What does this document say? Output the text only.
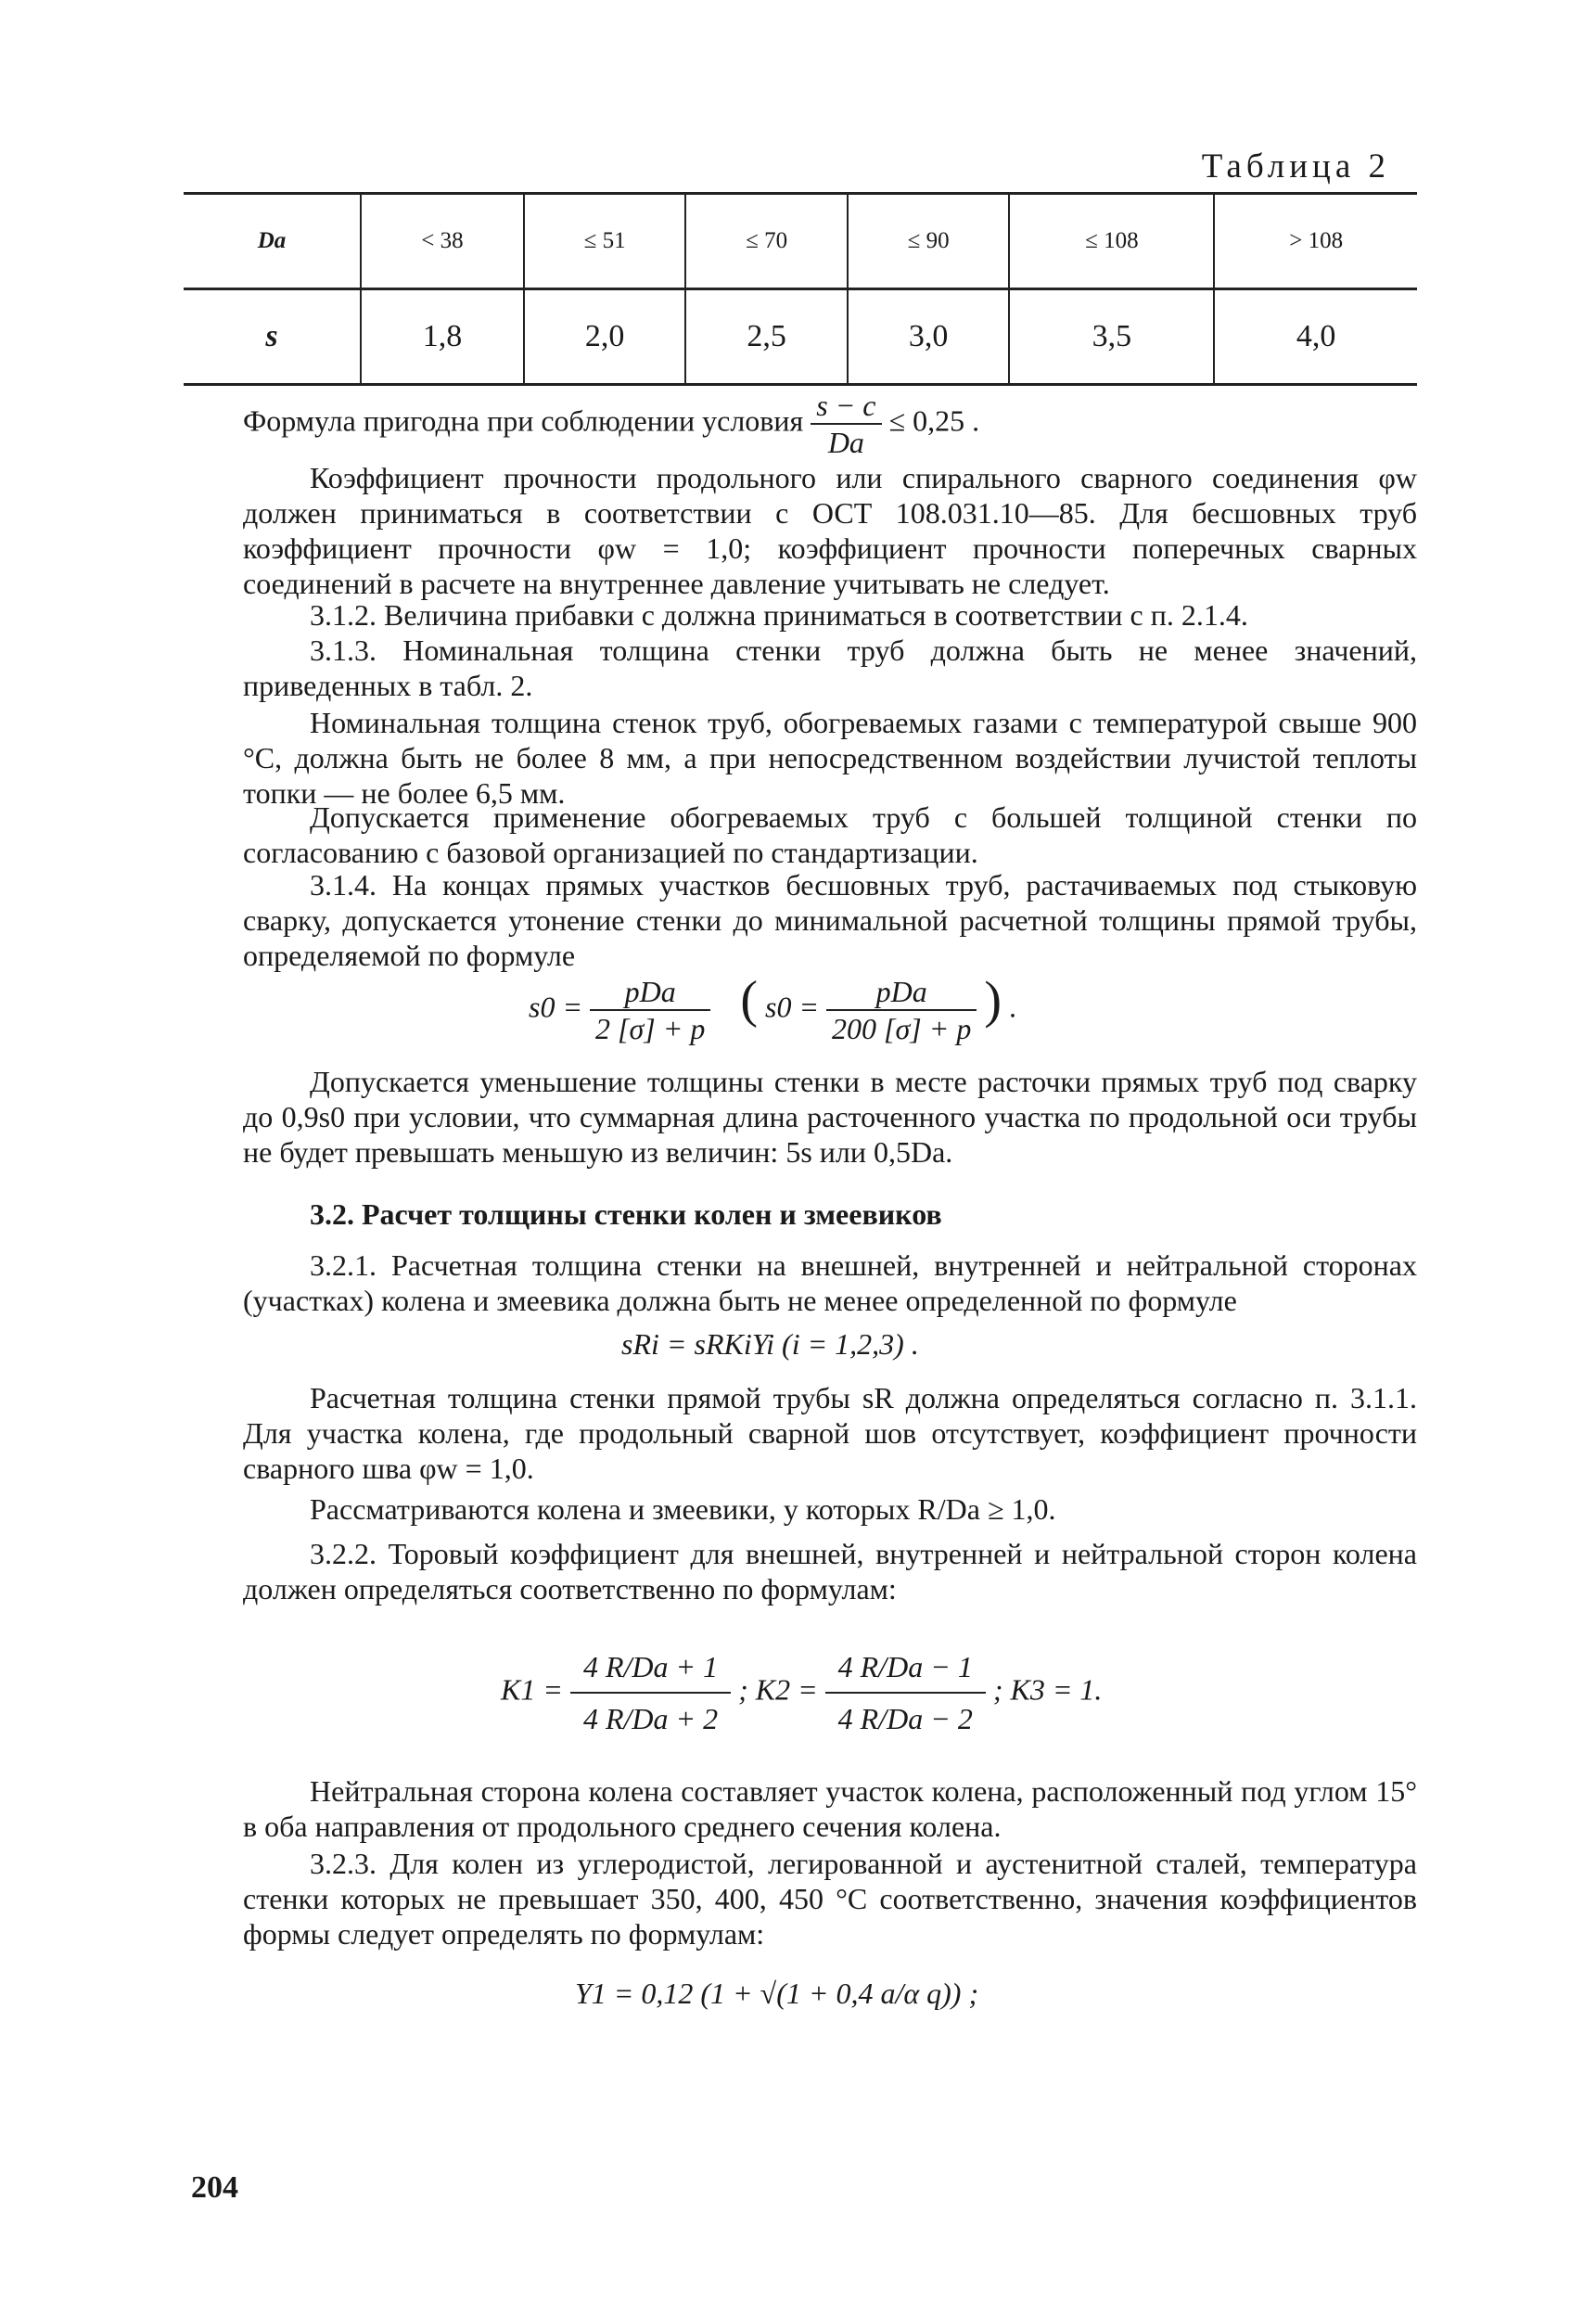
Таблица 2
Da	< 38	≤ 51	≤ 70	≤ 90	≤ 108	> 108
s	1,8	2,0	2,5	3,0	3,5	4,0
Формула пригодна при соблюдении условия $\frac{s - c}{Da} \le 0,25$ .

Коэффициент прочности продольного или спирального сварного соединения φw должен приниматься в соответствии с ОСТ 108.031.10—85. Для бесшовных труб коэффициент прочности φw = 1,0; коэффициент прочности поперечных сварных соединений в расчете на внутреннее давление учитывать не следует.

3.1.2. Величина прибавки c должна приниматься в соответствии с п. 2.1.4.

3.1.3. Номинальная толщина стенки труб должна быть не менее значений, приведенных в табл. 2.

Номинальная толщина стенок труб, обогреваемых газами с температурой свыше 900 °С, должна быть не более 8 мм, а при непосредственном воздействии лучистой теплоты топки — не более 6,5 мм.

Допускается применение обогреваемых труб с большей толщиной стенки по согласованию с базовой организацией по стандартизации.

3.1.4. На концах прямых участков бесшовных труб, растачиваемых под стыковую сварку, допускается утонение стенки до минимальной расчетной толщины прямой трубы, определяемой по формуле

$s0 = \frac{\text{pDa}}{2 [\sigma] + p}$ ( $s0 = \frac{\text{pDa}}{200 [\sigma] + p}$ ) .

Допускается уменьшение толщины стенки в месте расточки прямых труб под сварку до 0,9s0 при условии, что суммарная длина расточенного участка по продольной оси трубы не будет превышать меньшую из величин: 5s или 0,5Da.

3.2. Расчет толщины стенки колен и змеевиков

3.2.1. Расчетная толщина стенки на внешней, внутренней и нейтральной сторонах (участках) колена и змеевика должна быть не менее определенной по формуле

sRi = sRKiYi (i = 1,2,3) .

Расчетная толщина стенки прямой трубы sR должна определяться согласно п. 3.1.1. Для участка колена, где продольный сварной шов отсутствует, коэффициент прочности сварного шва φw = 1,0.

Рассматриваются колена и змеевики, у которых R/Da ≥ 1,0.

3.2.2. Торовый коэффициент для внешней, внутренней и нейтральной сторон колена должен определяться соответственно по формулам:

$K1 = \frac{4 R/Da + 1}{4 R/Da + 2}$ ; $K2 = \frac{4 R/Da - 1}{4 R/Da - 2}$ ; K3 = 1.

Нейтральная сторона колена составляет участок колена, расположенный под углом 15° в оба направления от продольного среднего сечения колена.

3.2.3. Для колен из углеродистой, легированной и аустенитной сталей, температура стенки которых не превышает 350, 400, 450 °С соответственно, значения коэффициентов формы следует определять по формулам:

Y1 = 0,12 (1 + √(1 + 0,4 a/α q)) ;
204
